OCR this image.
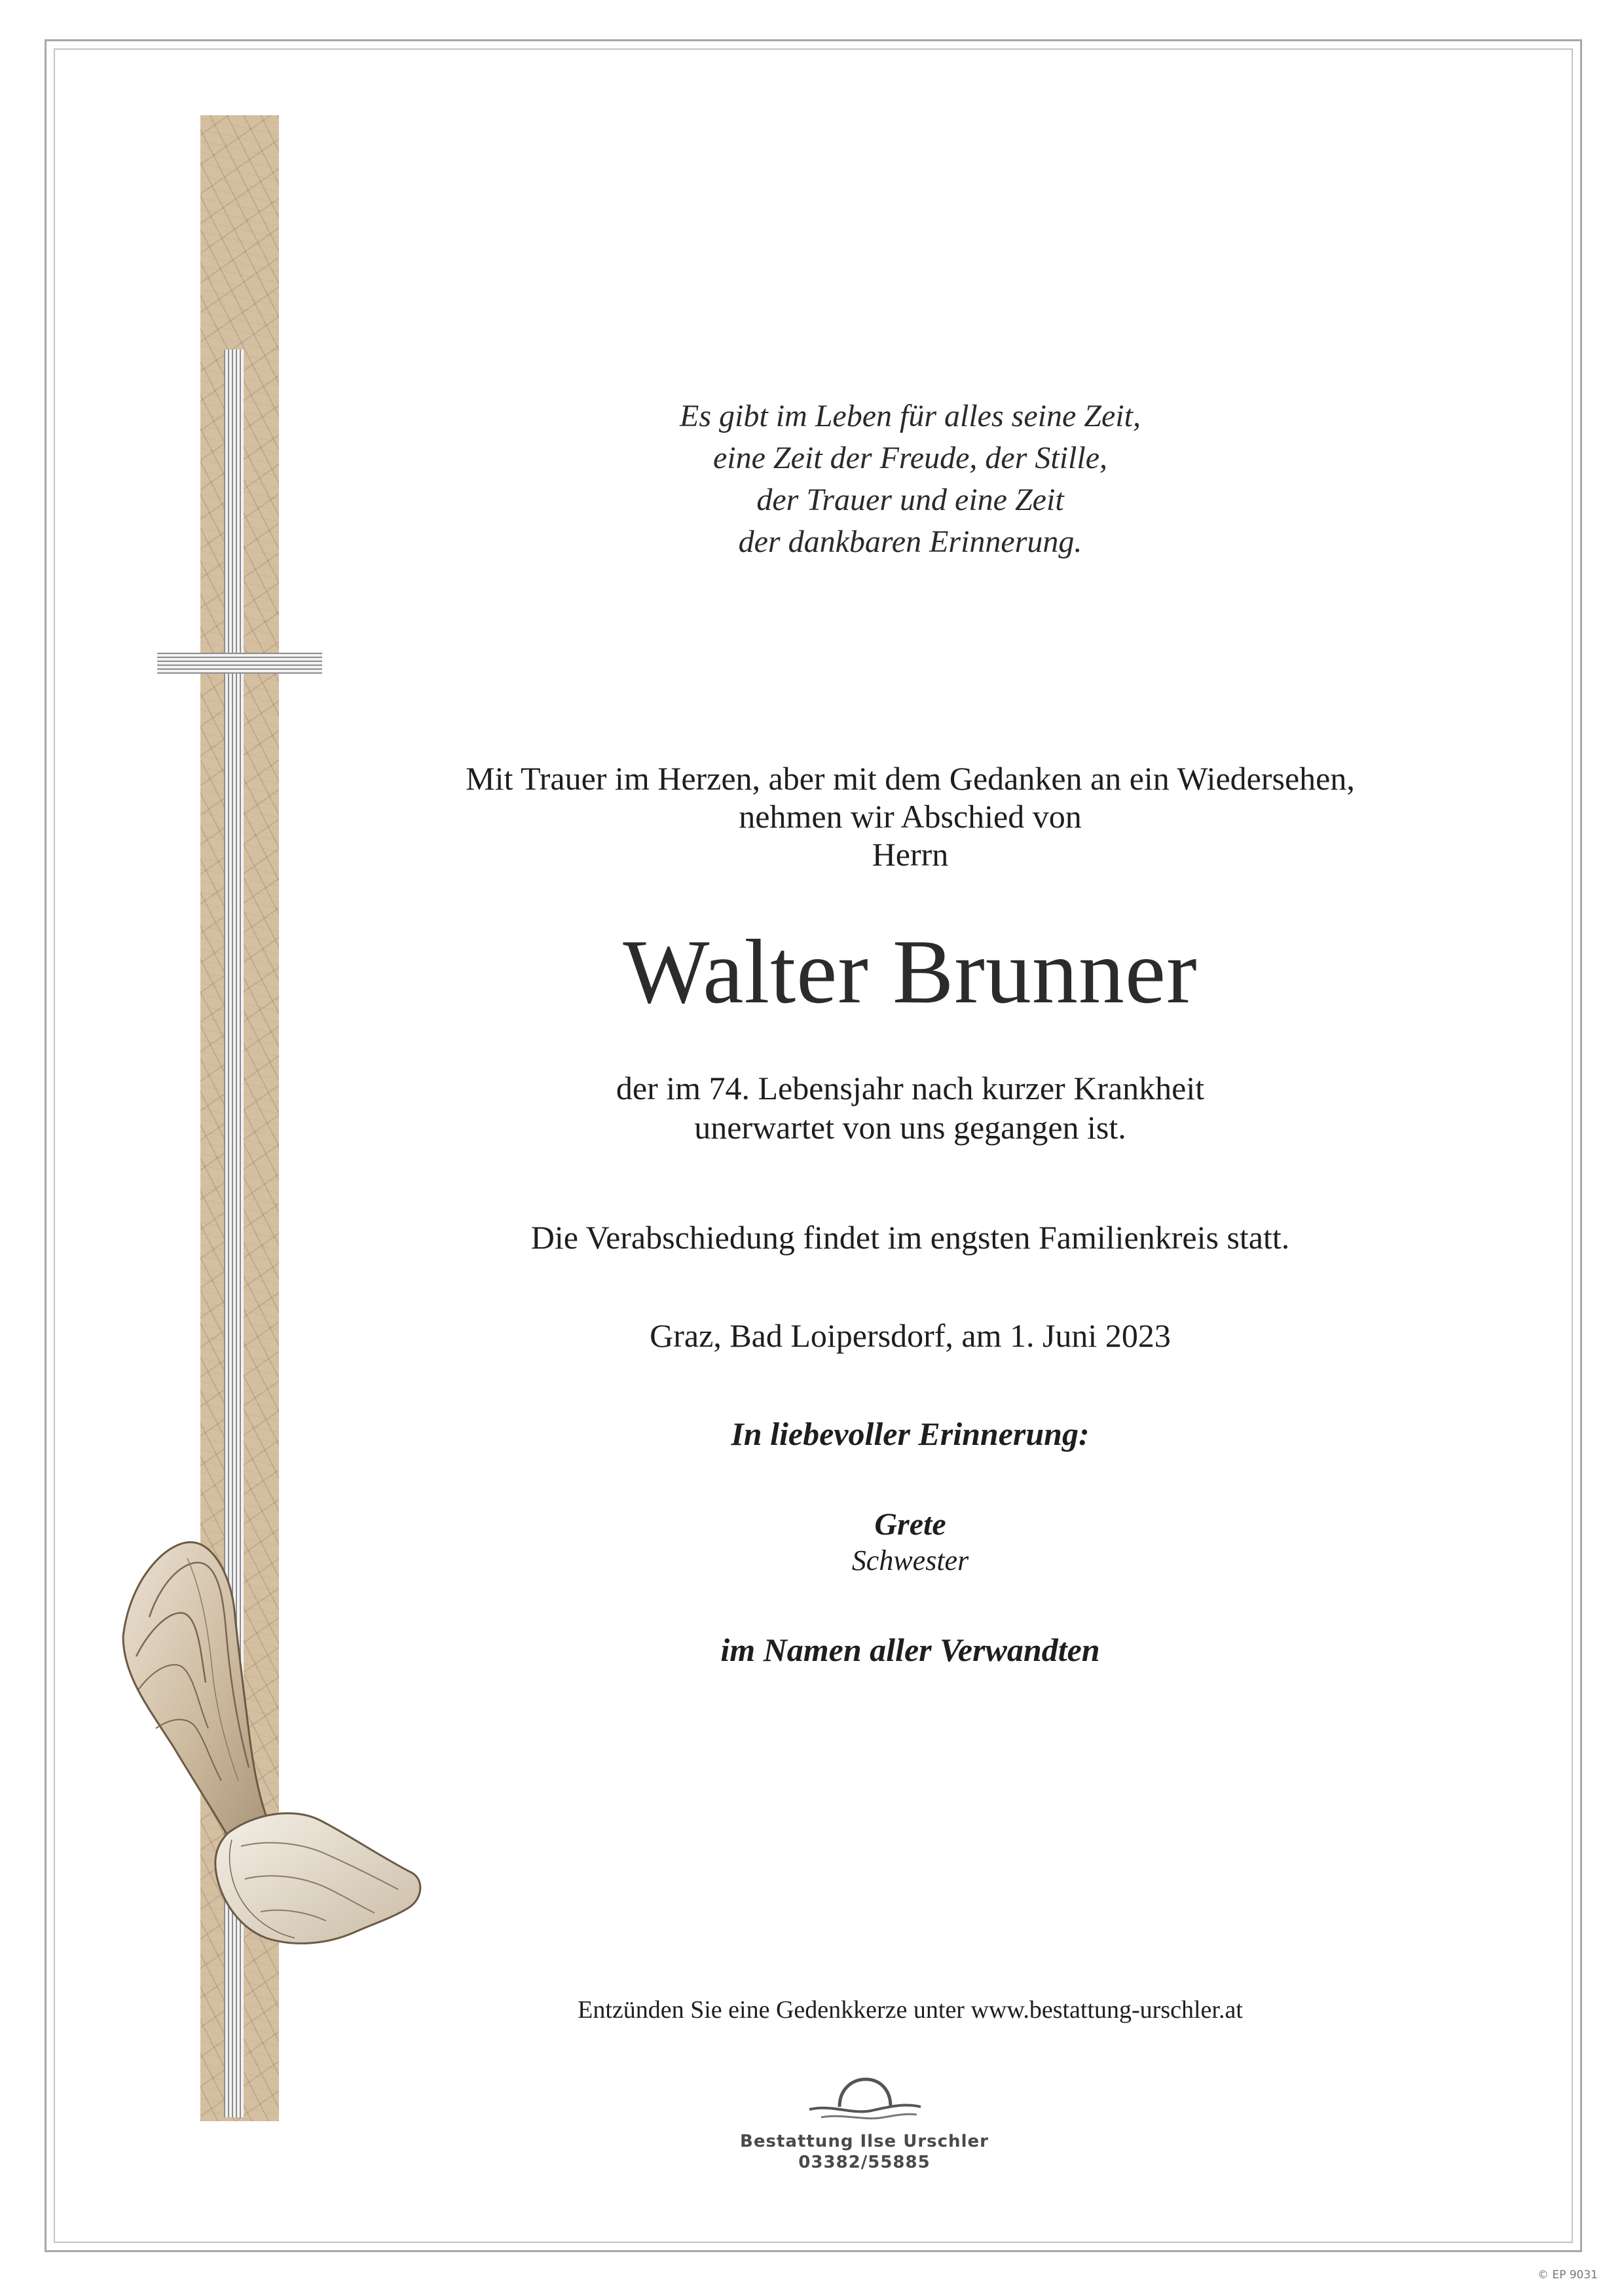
Es gibt im Leben für alles seine Zeit,
eine Zeit der Freude, der Stille,
der Trauer und eine Zeit
der dankbaren Erinnerung.
Mit Trauer im Herzen, aber mit dem Gedanken an ein Wiedersehen,
nehmen wir Abschied von
Herrn
Walter Brunner
der im 74. Lebensjahr nach kurzer Krankheit
unerwartet von uns gegangen ist.
Die Verabschiedung findet im engsten Familienkreis statt.
Graz, Bad Loipersdorf, am 1. Juni 2023
In liebevoller Erinnerung:
Grete
Schwester
im Namen aller Verwandten
Entzünden Sie eine Gedenkkerze unter www.bestattung-urschler.at
Bestattung Ilse Urschler
03382/55885
© EP 9031
